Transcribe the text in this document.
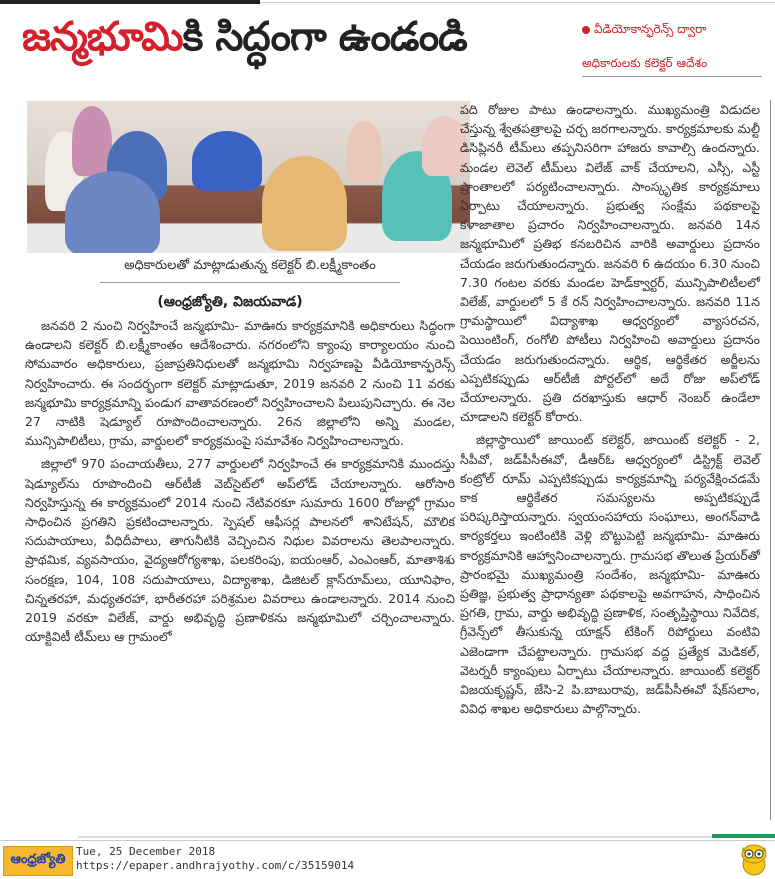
జన్మభూమికి సిద్ధంగా ఉండండి	వీడియోకాన్ఫరెన్స్ ద్వారా
అధికారులకు కలెక్టర్ ఆదేశం
అధికారులతో మాట్లాడుతున్న కలెక్టర్ బి.లక్ష్మీకాంతం
(ఆంధ్రజ్యోతి, విజయవాడ)

జనవరి 2 నుంచి నిర్వహించే జన్మభూమి- మాఊరు కార్యక్రమానికి అధికారులు సిద్ధంగా ఉండాలని కలెక్టర్ బి.లక్ష్మీకాంతం ఆదేశించారు. నగరంలోని క్యాంపు కార్యాలయం నుంచి సోమవారం అధికారులు, ప్రజాప్రతినిధులతో జన్మభూమి నిర్వహణపై వీడియోకాన్ఫరెన్స్ నిర్వహించారు. ఈ సందర్భంగా కలెక్టర్ మాట్లాడుతూ, 2019 జనవరి 2 నుంచి 11 వరకు జన్మభూమి కార్యక్రమాన్ని పండుగ వాతావరణంలో నిర్వహించాలని పిలుపునిచ్చారు. ఈ నెల 27 నాటికి షెడ్యూల్ రూపొందించాలన్నారు. 26న జిల్లాలోని అన్ని మండల, మున్సిపాలిటీలు, గ్రామ, వార్డులలో కార్యక్రమంపై సమావేశం నిర్వహించాలన్నారు.

జిల్లాలో 970 పంచాయతీలు, 277 వార్డులలో నిర్వహించే ఈ కార్యక్రమానికి ముందస్తు షెడ్యూల్‌ను రూపొందించి ఆర్‌టీజీ వెబ్‌సైట్‌లో అప్‌లోడ్ చేయాలన్నారు. ఆరోసారి నిర్వహిస్తున్న ఈ కార్యక్రమంలో 2014 నుంచి నేటివరకూ సుమారు 1600 రోజుల్లో గ్రామం సాధించిన ప్రగతిని ప్రకటించాలన్నారు. స్పెషల్ ఆఫీసర్ల పాలనలో శానిటేషన్, మౌలిక సదుపాయాలు, వీధిదీపాలు, తాగునీటికి వెచ్చించిన నిధుల వివరాలను తెలపాలన్నారు. ప్రాథమిక, వ్యవసాయం, వైద్యఆరోగ్యశాఖ, పలకరింపు, ఐయంఆర్, ఎంఎంఆర్, మాతాశిశు సంరక్షణ, 104, 108 సదుపాయాలు, విద్యాశాఖ, డిజిటల్ క్లాస్‌రూమ్‌లు, యూనిఫాం, చిన్నతరహా, మధ్యతరహా, భారీతరహా పరిశ్రమల వివరాలు ఉండాలన్నారు. 2014 నుంచి 2019 వరకూ విలేజ్, వార్డు అభివృద్ధి ప్రణాళికను జన్మభూమిలో చర్చించాలన్నారు. యాక్టివిటీ టీమ్‌లు ఆ గ్రామంలో

పది రోజుల పాటు ఉండాలన్నారు. ముఖ్యమంత్రి విడుదల చేస్తున్న శ్వేతపత్రాలపై చర్చ జరగాలన్నారు. కార్యక్రమాలకు మల్టీ డిసిప్లినరీ టీమ్‌లు తప్పనిసరిగా హాజరు కావాల్సి ఉందన్నారు. మండల లెవెల్ టీమ్‌లు విలేజ్ వాక్ చేయాలని, ఎస్సీ, ఎస్టీ ప్రాంతాలలో పర్యటించాలన్నారు. సాంస్కృతిక కార్యక్రమాలు ఏర్పాటు చేయాలన్నారు. ప్రభుత్వ సంక్షేమ పథకాలపై కళాజాతాల ప్రచారం నిర్వహించాలన్నారు. జనవరి 14న జన్మభూమిలో ప్రతిభ కనబరిచిన వారికి అవార్డులు ప్రదానం చేయడం జరుగుతుందన్నారు. జనవరి 6 ఉదయం 6.30 నుంచి 7.30 గంటల వరకు మండల హెడ్‌క్వార్టర్, మున్సిపాలిటీలలో విలేజ్, వార్డులలో 5 కే రన్ నిర్వహించాలన్నారు. జనవరి 11న గ్రామస్థాయిలో విద్యాశాఖ ఆధ్వర్యంలో వ్యాసరచన, పెయింటింగ్, రంగోలి పోటీలు నిర్వహించి అవార్డులు ప్రదానం చేయడం జరుగుతుందన్నారు. ఆర్థిక, ఆర్థికేతర అర్జీలను ఎప్పటికప్పుడు ఆర్‌టీజీ పోర్టల్‌లో అదే రోజు అప్‌లోడ్ చేయాలన్నారు. ప్రతి దరఖాస్తుకు ఆధార్ నెంబర్ ఉండేలా చూడాలని కలెక్టర్ కోరారు.

జిల్లాస్థాయిలో జాయింట్ కలెక్టర్, జాయింట్ కలెక్టర్ - 2, సీపీవో, జడ్‌పీసీఈవో, డీఆర్‌ఓ ఆధ్వర్యంలో డిస్ట్రిక్ట్ లెవెల్ కంట్రోల్ రూమ్ ఎప్పటికప్పుడు కార్యక్రమాన్ని పర్యవేక్షించడమే కాక ఆర్థికేతర సమస్యలను అప్పటికప్పుడే పరిష్కరిస్తాయన్నారు. స్వయంసహాయ సంఘాలు, అంగన్‌వాడి కార్యకర్తలు ఇంటింటికి వెళ్లి బొట్టుపెట్టి జన్మభూమి- మాఊరు కార్యక్రమానికి ఆహ్వానించాలన్నారు. గ్రామసభ తొలుత ప్రేయర్‌తో ప్రారంభమై ముఖ్యమంత్రి సందేశం, జన్మభూమి- మాఊరు ప్రతిజ్ఞ, ప్రభుత్వ ప్రాధాన్యతా పథకాలపై అవగాహన, సాధించిన ప్రగతి, గ్రామ, వార్డు అభివృద్ధి ప్రణాళిక, సంతృప్తిస్థాయి నివేదిక, గ్రీవెన్స్‌లో తీసుకున్న యాక్షన్ టేకింగ్ రిపోర్టులు వంటివి ఎజెండాగా చేపట్టాలన్నారు. గ్రామసభ వద్ద ప్రత్యేక మెడికల్, వెటర్నరీ క్యాంపులు ఏర్పాటు చేయాలన్నారు. జాయింట్ కలెక్టర్ విజయకృష్ణన్, జేసి-2 పి.బాబురావు, జడ్‌పీసీఈవో షేక్‌సలాం, వివిధ శాఖల అధికారులు పాల్గొన్నారు.

ఆంధ్రజ్యోతి
Tue, 25 December 2018
https://epaper.andhrajyothy.com/c/35159014
